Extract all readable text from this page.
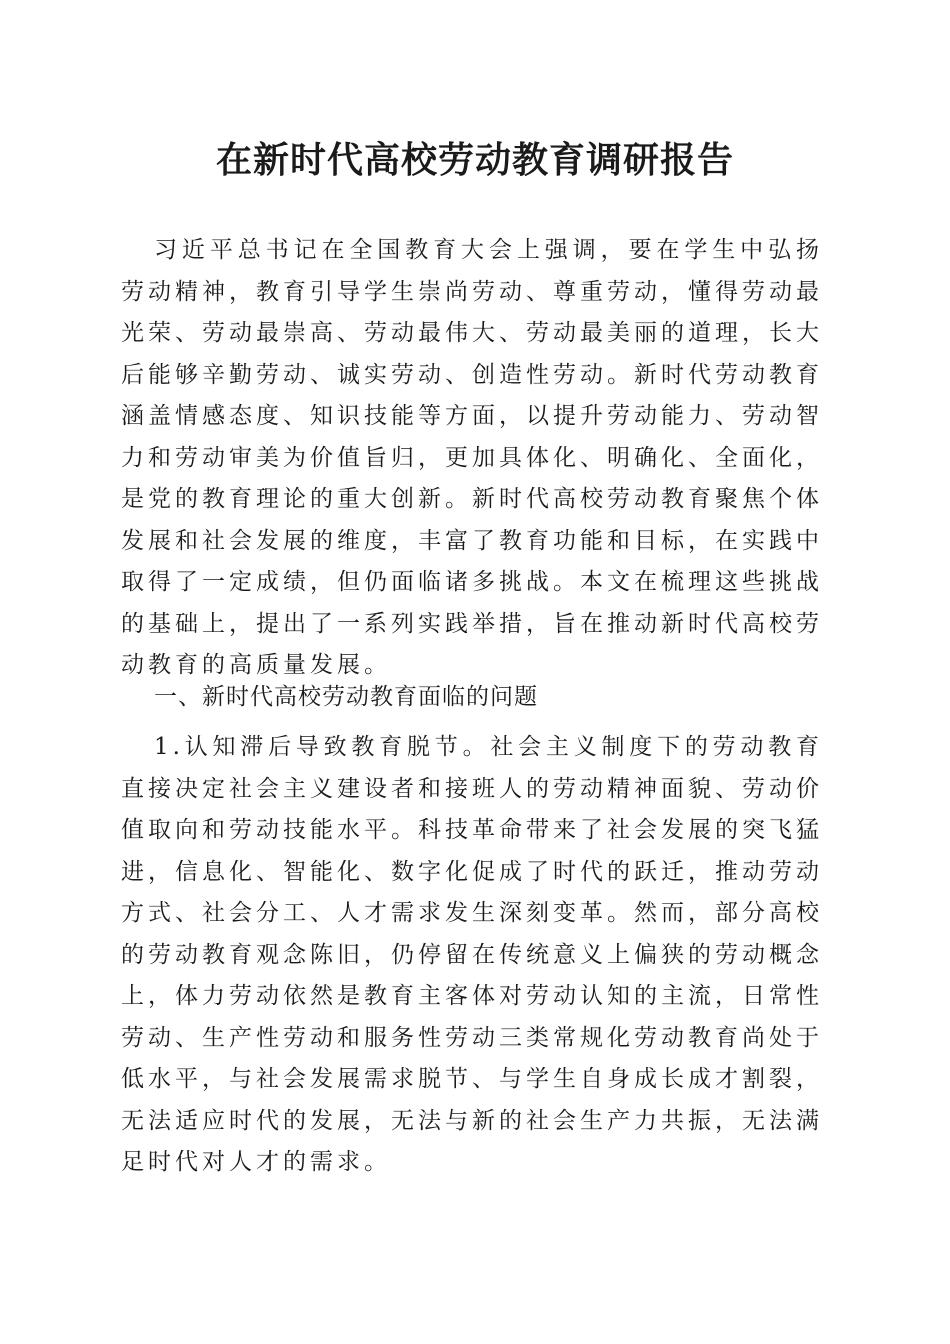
在新时代高校劳动教育调研报告

习近平总书记在全国教育大会上强调，要在学生中弘扬劳动精神，教育引导学生崇尚劳动、尊重劳动，懂得劳动最光荣、劳动最崇高、劳动最伟大、劳动最美丽的道理，长大后能够辛勤劳动、诚实劳动、创造性劳动。新时代劳动教育涵盖情感态度、知识技能等方面，以提升劳动能力、劳动智力和劳动审美为价值旨归，更加具体化、明确化、全面化，是党的教育理论的重大创新。新时代高校劳动教育聚焦个体发展和社会发展的维度，丰富了教育功能和目标，在实践中取得了一定成绩，但仍面临诸多挑战。本文在梳理这些挑战的基础上，提出了一系列实践举措，旨在推动新时代高校劳动教育的高质量发展。

一、新时代高校劳动教育面临的问题

1.认知滞后导致教育脱节。社会主义制度下的劳动教育直接决定社会主义建设者和接班人的劳动精神面貌、劳动价值取向和劳动技能水平。科技革命带来了社会发展的突飞猛进，信息化、智能化、数字化促成了时代的跃迁，推动劳动方式、社会分工、人才需求发生深刻变革。然而，部分高校的劳动教育观念陈旧，仍停留在传统意义上偏狭的劳动概念上，体力劳动依然是教育主客体对劳动认知的主流，日常性劳动、生产性劳动和服务性劳动三类常规化劳动教育尚处于低水平，与社会发展需求脱节、与学生自身成长成才割裂，无法适应时代的发展，无法与新的社会生产力共振，无法满足时代对人才的需求。
